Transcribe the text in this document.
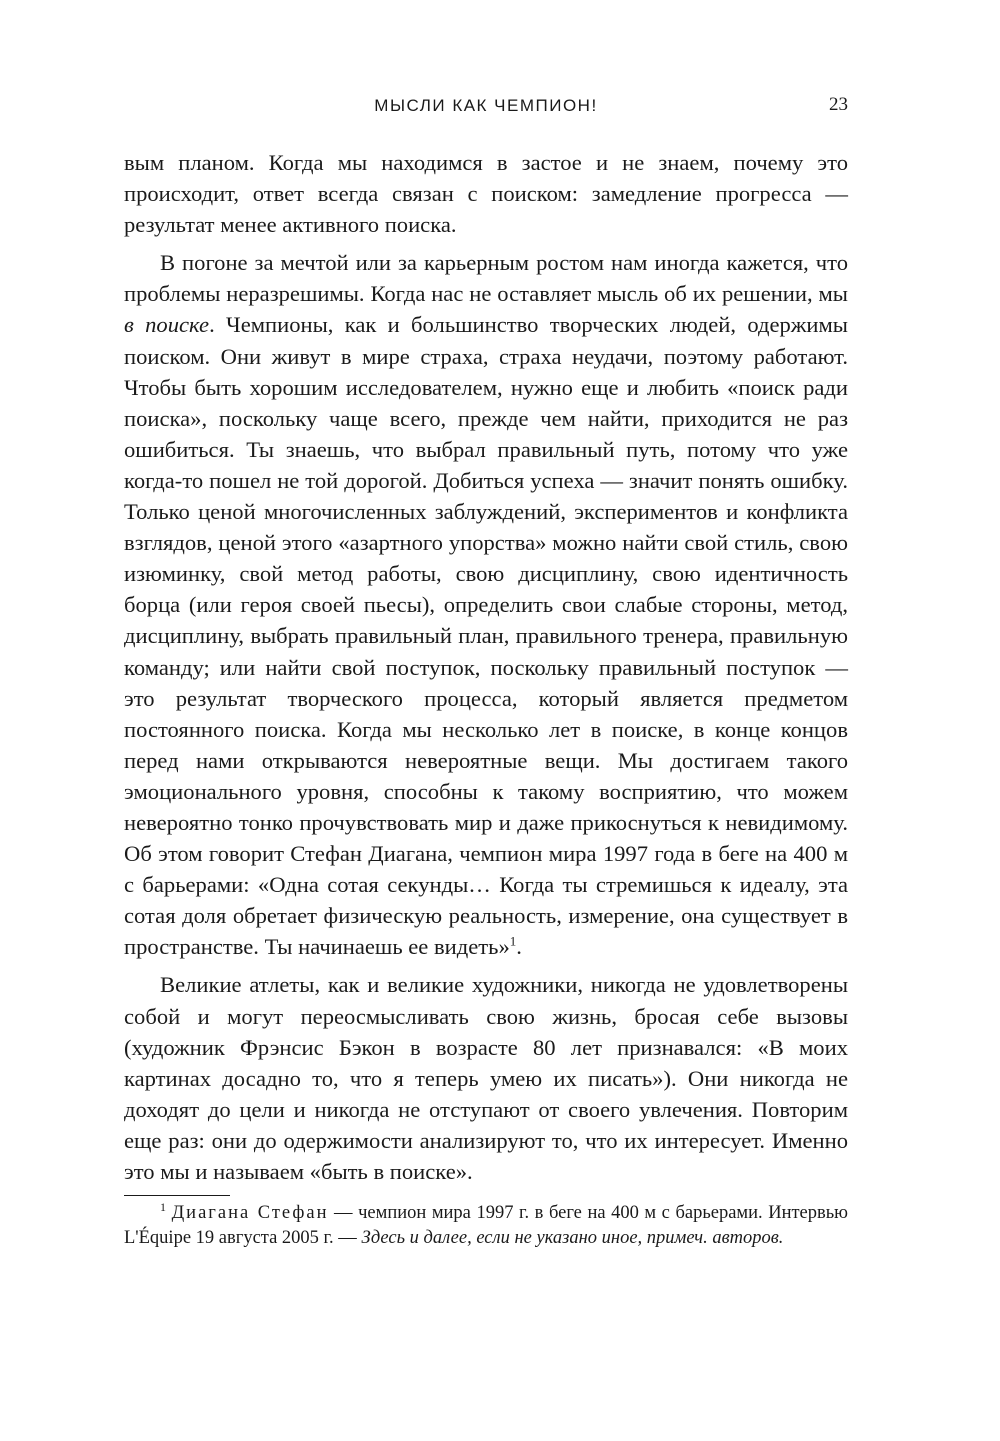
МЫСЛИ КАК ЧЕМПИОН!	23

вым планом. Когда мы находимся в застое и не знаем, почему это происходит, ответ всегда связан с поиском: замедление прогресса — результат менее активного поиска.

В погоне за мечтой или за карьерным ростом нам иногда кажется, что проблемы неразрешимы. Когда нас не оставляет мысль об их решении, мы в поиске. Чемпионы, как и большинство творческих людей, одержимы поиском. Они живут в мире страха, страха неудачи, поэтому работают. Чтобы быть хорошим исследователем, нужно еще и любить «поиск ради поиска», поскольку чаще всего, прежде чем найти, приходится не раз ошибиться. Ты знаешь, что выбрал правильный путь, потому что уже когда-то пошел не той дорогой. Добиться успеха — значит понять ошибку. Только ценой многочисленных заблуждений, экспериментов и конфликта взглядов, ценой этого «азартного упорства» можно найти свой стиль, свою изюминку, свой метод работы, свою дисциплину, свою идентичность борца (или героя своей пьесы), определить свои слабые стороны, метод, дисциплину, выбрать правильный план, правильного тренера, правильную команду; или найти свой поступок, поскольку правильный поступок — это результат творческого процесса, который является предметом постоянного поиска. Когда мы несколько лет в поиске, в конце концов перед нами открываются невероятные вещи. Мы достигаем такого эмоционального уровня, способны к такому восприятию, что можем невероятно тонко прочувствовать мир и даже прикоснуться к невидимому. Об этом говорит Стефан Диагана, чемпион мира 1997 года в беге на 400 м с барьерами: «Одна сотая секунды… Когда ты стремишься к идеалу, эта сотая доля обретает физическую реальность, измерение, она существует в пространстве. Ты начинаешь ее видеть»$^1$.

Великие атлеты, как и великие художники, никогда не удовлетворены собой и могут переосмысливать свою жизнь, бросая себе вызовы (художник Фрэнсис Бэкон в возрасте 80 лет признавался: «В моих картинах досадно то, что я теперь умею их писать»). Они никогда не доходят до цели и никогда не отступают от своего увлечения. Повторим еще раз: они до одержимости анализируют то, что их интересует. Именно это мы и называем «быть в поиске».

$^1$ Диагана Стефан — чемпион мира 1997 г. в беге на 400 м с барьерами. Интервью L'Équipe 19 августа 2005 г. — Здесь и далее, если не указано иное, примеч. авторов.
